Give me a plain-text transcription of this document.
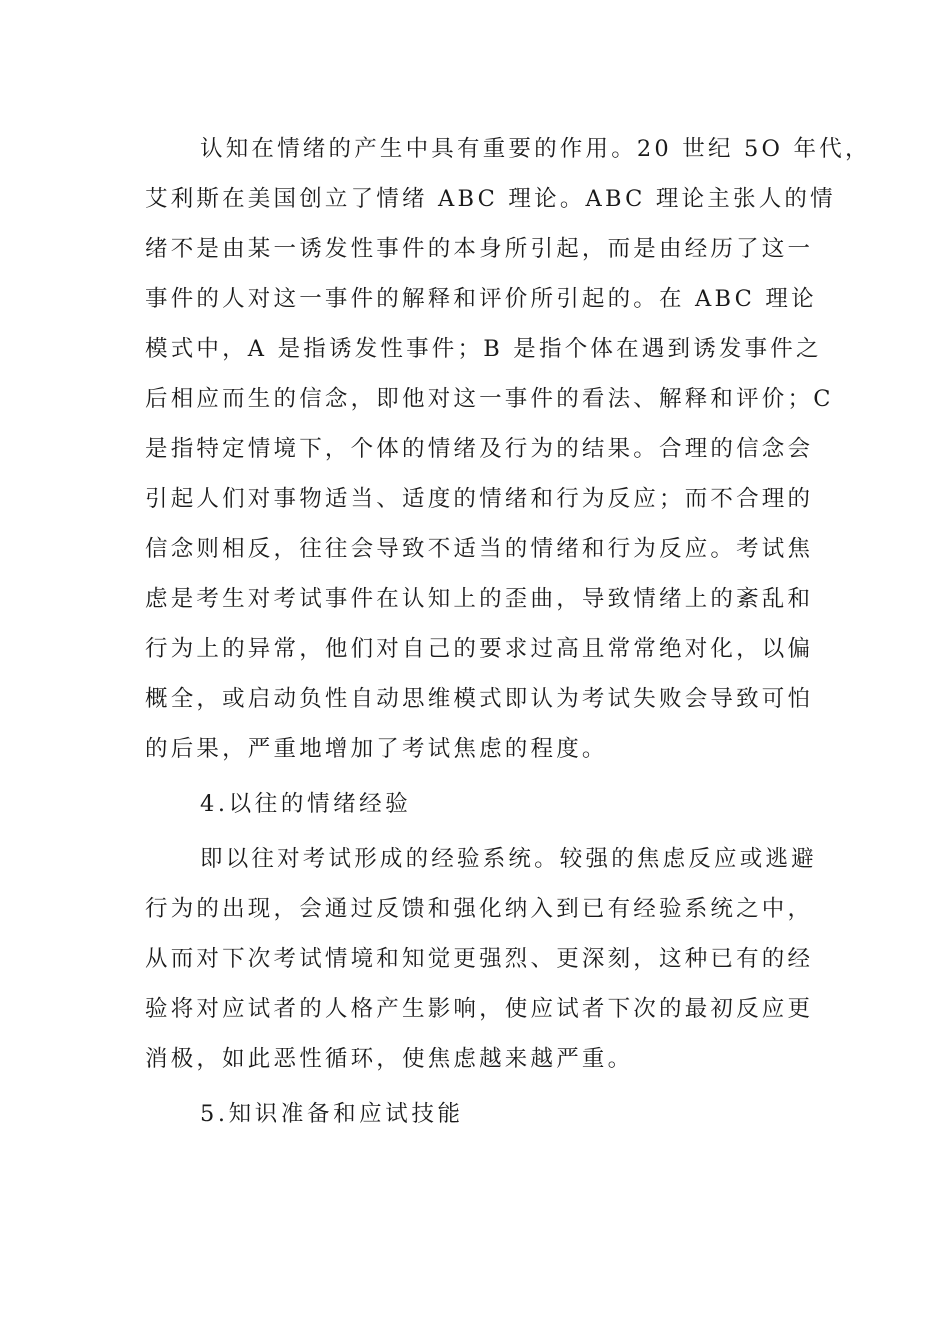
认知在情绪的产生中具有重要的作用。20 世纪 5O 年代，

艾利斯在美国创立了情绪 ABC 理论。ABC 理论主张人的情

绪不是由某一诱发性事件的本身所引起，而是由经历了这一

事件的人对这一事件的解释和评价所引起的。在 ABC 理论

模式中，A 是指诱发性事件；B 是指个体在遇到诱发事件之

后相应而生的信念，即他对这一事件的看法、解释和评价；C

是指特定情境下，个体的情绪及行为的结果。合理的信念会

引起人们对事物适当、适度的情绪和行为反应；而不合理的

信念则相反，往往会导致不适当的情绪和行为反应。考试焦

虑是考生对考试事件在认知上的歪曲，导致情绪上的紊乱和

行为上的异常，他们对自己的要求过高且常常绝对化，以偏

概全，或启动负性自动思维模式即认为考试失败会导致可怕

的后果，严重地增加了考试焦虑的程度。

4.以往的情绪经验

即以往对考试形成的经验系统。较强的焦虑反应或逃避

行为的出现，会通过反馈和强化纳入到已有经验系统之中，

从而对下次考试情境和知觉更强烈、更深刻，这种已有的经

验将对应试者的人格产生影响，使应试者下次的最初反应更

消极，如此恶性循环，使焦虑越来越严重。

5.知识准备和应试技能
